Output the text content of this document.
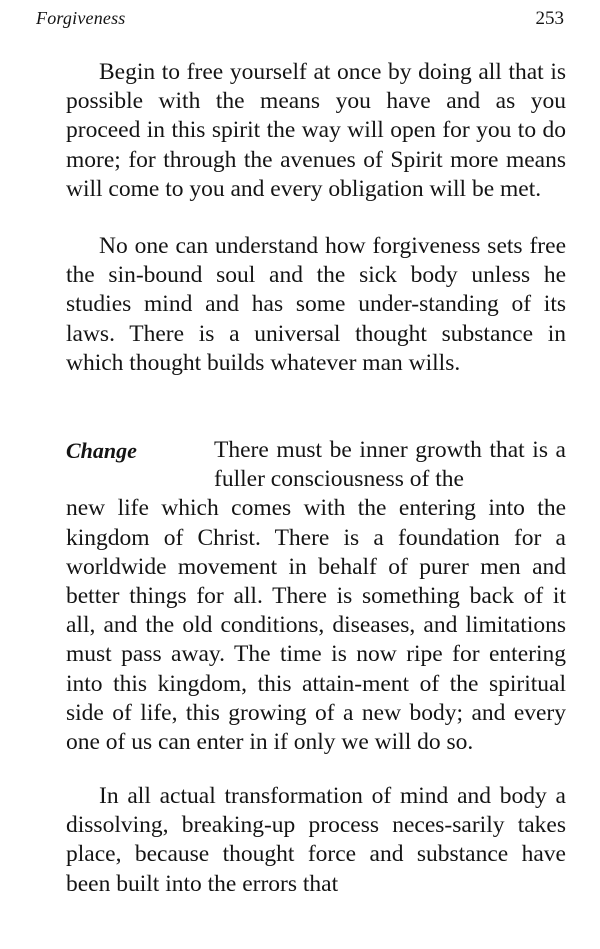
Forgiveness	253

Begin to free yourself at once by doing all that is possible with the means you have and as you proceed in this spirit the way will open for you to do more; for through the avenues of Spirit more means will come to you and every obligation will be met.

No one can understand how forgiveness sets free the sin-bound soul and the sick body unless he studies mind and has some under-standing of its laws. There is a universal thought substance in which thought builds whatever man wills.

Change	There must be inner growth that is a fuller consciousness of the
new life which comes with the entering into the kingdom of Christ. There is a foundation for a worldwide movement in behalf of purer men and better things for all. There is something back of it all, and the old conditions, diseases, and limitations must pass away. The time is now ripe for entering into this kingdom, this attain-ment of the spiritual side of life, this growing of a new body; and every one of us can enter in if only we will do so.

In all actual transformation of mind and body a dissolving, breaking-up process neces-sarily takes place, because thought force and substance have been built into the errors that
